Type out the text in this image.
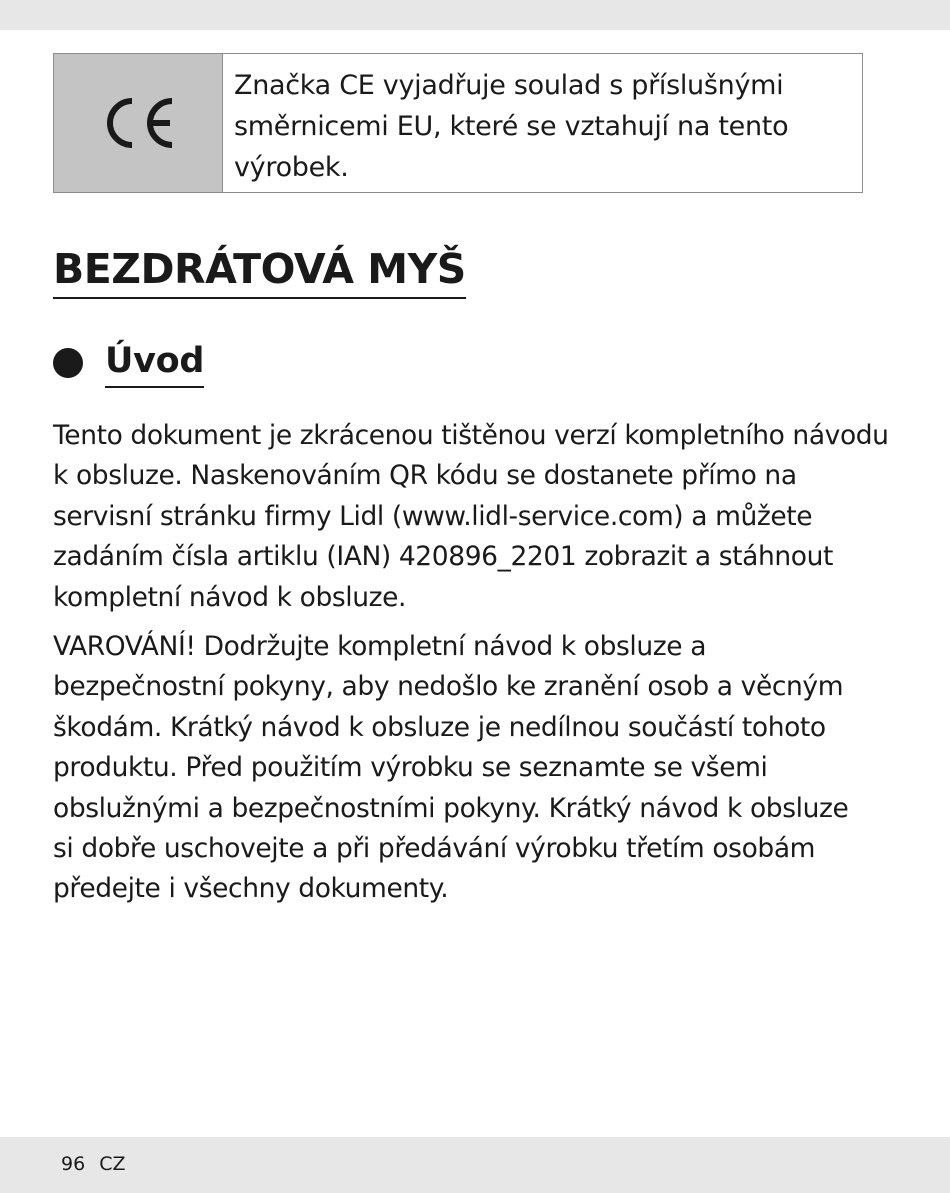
Značka CE vyjadřuje soulad s příslušnými
směrnicemi EU, které se vztahují na tento
výrobek.
BEZDRÁTOVÁ MYŠ
Úvod

Tento dokument je zkrácenou tištěnou verzí kompletního návodu
k obsluze. Naskenováním QR kódu se dostanete přímo na
servisní stránku firmy Lidl (www.lidl-service.com) a můžete
zadáním čísla artiklu (IAN) 420896_2201 zobrazit a stáhnout
kompletní návod k obsluze.

VAROVÁNÍ! Dodržujte kompletní návod k obsluze a
bezpečnostní pokyny, aby nedošlo ke zranění osob a věcným
škodám. Krátký návod k obsluze je nedílnou součástí tohoto
produktu. Před použitím výrobku se seznamte se všemi
obslužnými a bezpečnostními pokyny. Krátký návod k obsluze
si dobře uschovejte a při předávání výrobku třetím osobám
předejte i všechny dokumenty.

96 CZ
